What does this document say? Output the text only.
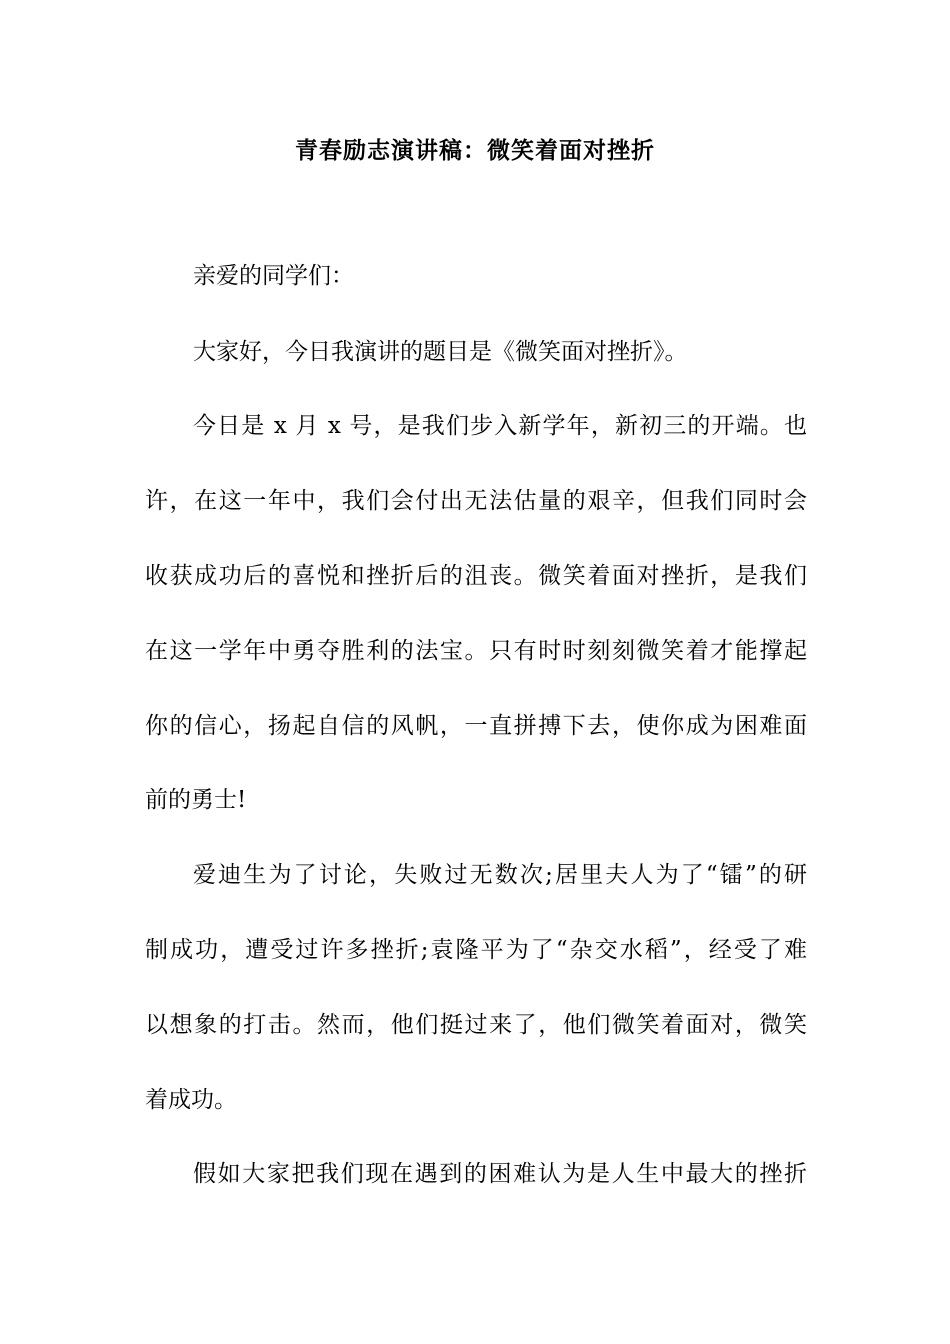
青春励志演讲稿：微笑着面对挫折
亲爱的同学们：
大家好，今日我演讲的题目是《微笑面对挫折》。
今日是 x 月 x 号，是我们步入新学年，新初三的开端。也
许，在这一年中，我们会付出无法估量的艰辛，但我们同时会
收获成功后的喜悦和挫折后的沮丧。微笑着面对挫折，是我们
在这一学年中勇夺胜利的法宝。只有时时刻刻微笑着才能撑起
你的信心，扬起自信的风帆，一直拼搏下去，使你成为困难面
前的勇士!
爱迪生为了讨论，失败过无数次;居里夫人为了“镭”的研
制成功，遭受过许多挫折;袁隆平为了“杂交水稻”，经受了难
以想象的打击。然而，他们挺过来了，他们微笑着面对，微笑
着成功。
假如大家把我们现在遇到的困难认为是人生中最大的挫折
